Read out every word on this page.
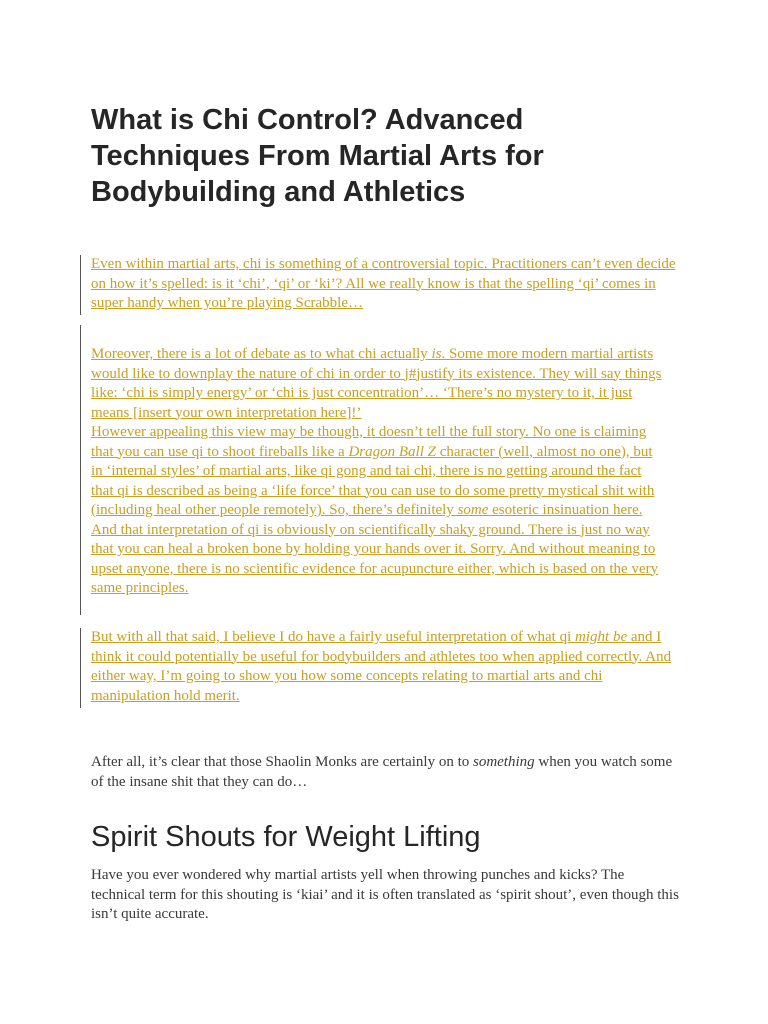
What is Chi Control? Advanced Techniques From Martial Arts for Bodybuilding and Athletics

Even within martial arts, chi is something of a controversial topic. Practitioners can’t even decide on how it’s spelled: is it ‘chi’, ‘qi’ or ‘ki’? All we really know is that the spelling ‘qi’ comes in super handy when you’re playing Scrabble…

Moreover, there is a lot of debate as to what chi actually is. Some more modern martial artists would like to downplay the nature of chi in order to j#justify its existence. They will say things like: ‘chi is simply energy’ or ‘chi is just concentration’… ‘There’s no mystery to it, it just means [insert your own interpretation here]!’

However appealing this view may be though, it doesn’t tell the full story. No one is claiming that you can use qi to shoot fireballs like a Dragon Ball Z character (well, almost no one), but in ‘internal styles’ of martial arts, like qi gong and tai chi, there is no getting around the fact that qi is described as being a ‘life force’ that you can use to do some pretty mystical shit with (including heal other people remotely). So, there’s definitely some esoteric insinuation here.

And that interpretation of qi is obviously on scientifically shaky ground. There is just no way that you can heal a broken bone by holding your hands over it. Sorry. And without meaning to upset anyone, there is no scientific evidence for acupuncture either, which is based on the very same principles.

But with all that said, I believe I do have a fairly useful interpretation of what qi might be and I think it could potentially be useful for bodybuilders and athletes too when applied correctly. And either way, I’m going to show you how some concepts relating to martial arts and chi manipulation hold merit.

After all, it’s clear that those Shaolin Monks are certainly on to something when you watch some of the insane shit that they can do…

Spirit Shouts for Weight Lifting

Have you ever wondered why martial artists yell when throwing punches and kicks? The technical term for this shouting is ‘kiai’ and it is often translated as ‘spirit shout’, even though this isn’t quite accurate.
